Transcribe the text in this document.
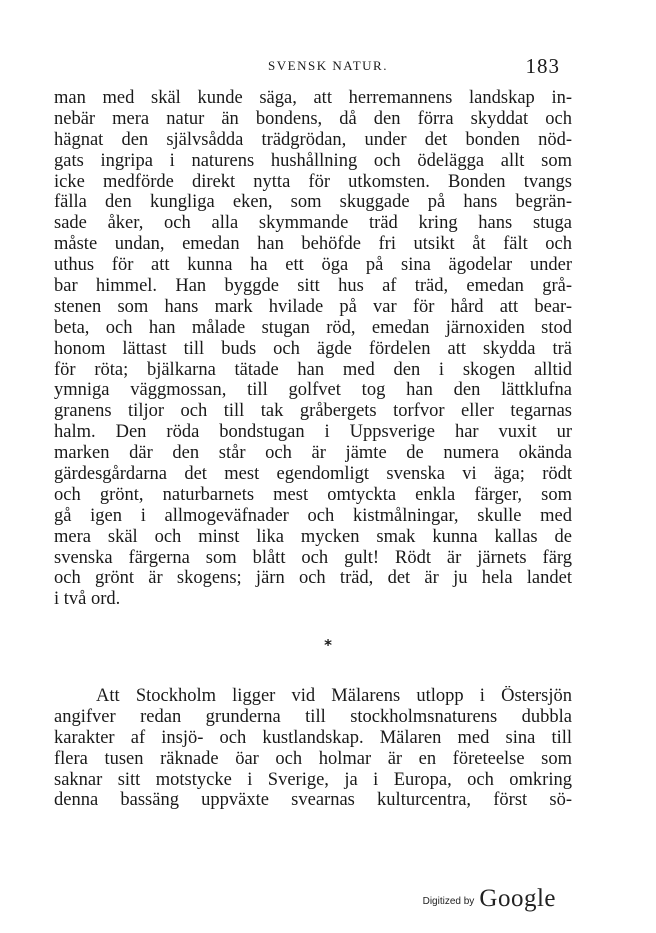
SVENSK NATUR.	183
man med skäl kunde säga, att herremannens landskap in-
nebär mera natur än bondens, då den förra skyddat och
hägnat den självsådda trädgrödan, under det bonden nöd-
gats ingripa i naturens hushållning och ödelägga allt som
icke medförde direkt nytta för utkomsten. Bonden tvangs
fälla den kungliga eken, som skuggade på hans begrän-
sade åker, och alla skymmande träd kring hans stuga
måste undan, emedan han behöfde fri utsikt åt fält och
uthus för att kunna ha ett öga på sina ägodelar under
bar himmel. Han byggde sitt hus af träd, emedan grå-
stenen som hans mark hvilade på var för hård att bear-
beta, och han målade stugan röd, emedan järnoxiden stod
honom lättast till buds och ägde fördelen att skydda trä
för röta; bjälkarna tätade han med den i skogen alltid
ymniga väggmossan, till golfvet tog han den lättklufna
granens tiljor och till tak gråbergets torfvor eller tegarnas
halm. Den röda bondstugan i Uppsverige har vuxit ur
marken där den står och är jämte de numera okända
gärdesgårdarna det mest egendomligt svenska vi äga; rödt
och grönt, naturbarnets mest omtyckta enkla färger, som
gå igen i allmogeväfnader och kistmålningar, skulle med
mera skäl och minst lika mycken smak kunna kallas de
svenska färgerna som blått och gult! Rödt är järnets färg
och grönt är skogens; järn och träd, det är ju hela landet
i två ord.
*
Att Stockholm ligger vid Mälarens utlopp i Östersjön
angifver redan grunderna till stockholmsnaturens dubbla
karakter af insjö- och kustlandskap. Mälaren med sina till
flera tusen räknade öar och holmar är en företeelse som
saknar sitt motstycke i Sverige, ja i Europa, och omkring
denna bassäng uppväxte svearnas kulturcentra, först sö-
Digitized by Google
